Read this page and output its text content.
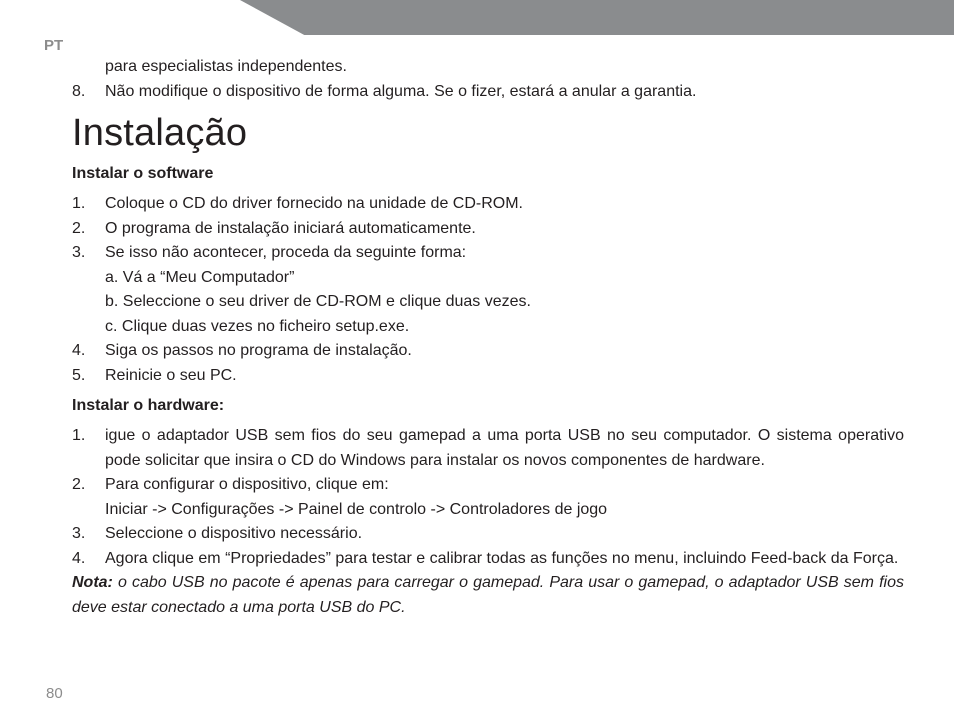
PT
para especialistas independentes.
8. Não modifique o dispositivo de forma alguma. Se o fizer, estará a anular a garantia.
Instalação
Instalar o software
1. Coloque o CD do driver fornecido na unidade de CD-ROM.
2. O programa de instalação iniciará automaticamente.
3. Se isso não acontecer, proceda da seguinte forma:
a. Vá a “Meu Computador”
b. Seleccione o seu driver de CD-ROM e clique duas vezes.
c. Clique duas vezes no ficheiro setup.exe.
4. Siga os passos no programa de instalação.
5. Reinicie o seu PC.
Instalar o hardware:
1. igue o adaptador USB sem fios do seu gamepad a uma porta USB no seu computador. O sistema operativo pode solicitar que insira o CD do Windows para instalar os novos componentes de hardware.
2. Para configurar o dispositivo, clique em:
Iniciar -> Configurações -> Painel de controlo -> Controladores de jogo
3. Seleccione o dispositivo necessário.
4. Agora clique em “Propriedades” para testar e calibrar todas as funções no menu, incluindo Feed-back da Força.
Nota: o cabo USB no pacote é apenas para carregar o gamepad. Para usar o gamepad, o adaptador USB sem fios deve estar conectado a uma porta USB do PC.
80
